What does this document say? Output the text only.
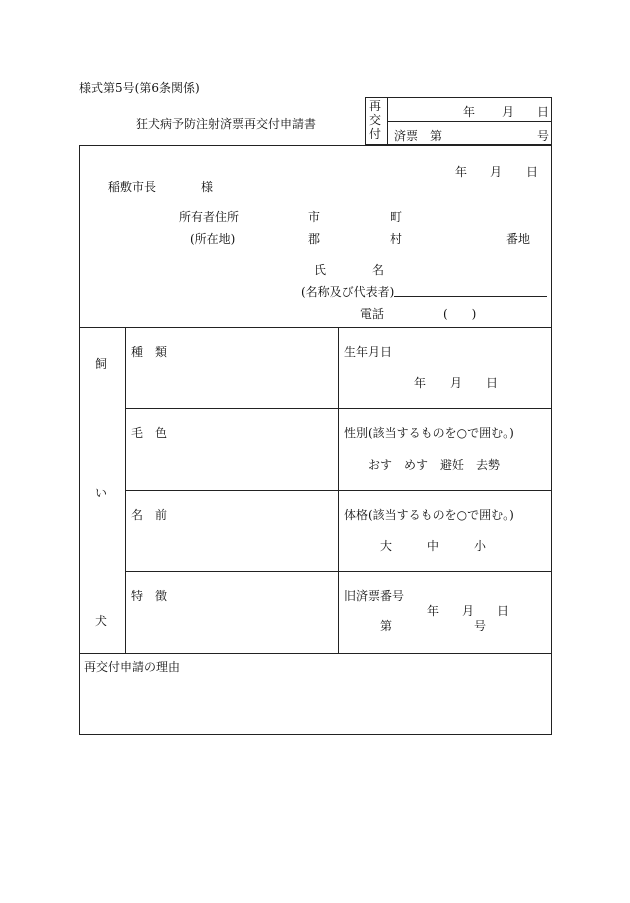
様式第5号(第6条関係)
狂犬病予防注射済票再交付申請書
再
交
付
年 月 日
済票　第	号
年 月 日
稲敷市長	様
所有者住所	市	町
(所在地)	郡	村	番地
氏	名
(名称及び代表者)
電話	(　　)
飼
い
犬
種　類	生年月日
年 月 日
毛　色	性別(該当するものを○で囲む。)
おす　めす　避妊　去勢
名　前	体格(該当するものを○で囲む。)
大	中	小
特　徴	旧済票番号
年 月 日
第	号
再交付申請の理由
